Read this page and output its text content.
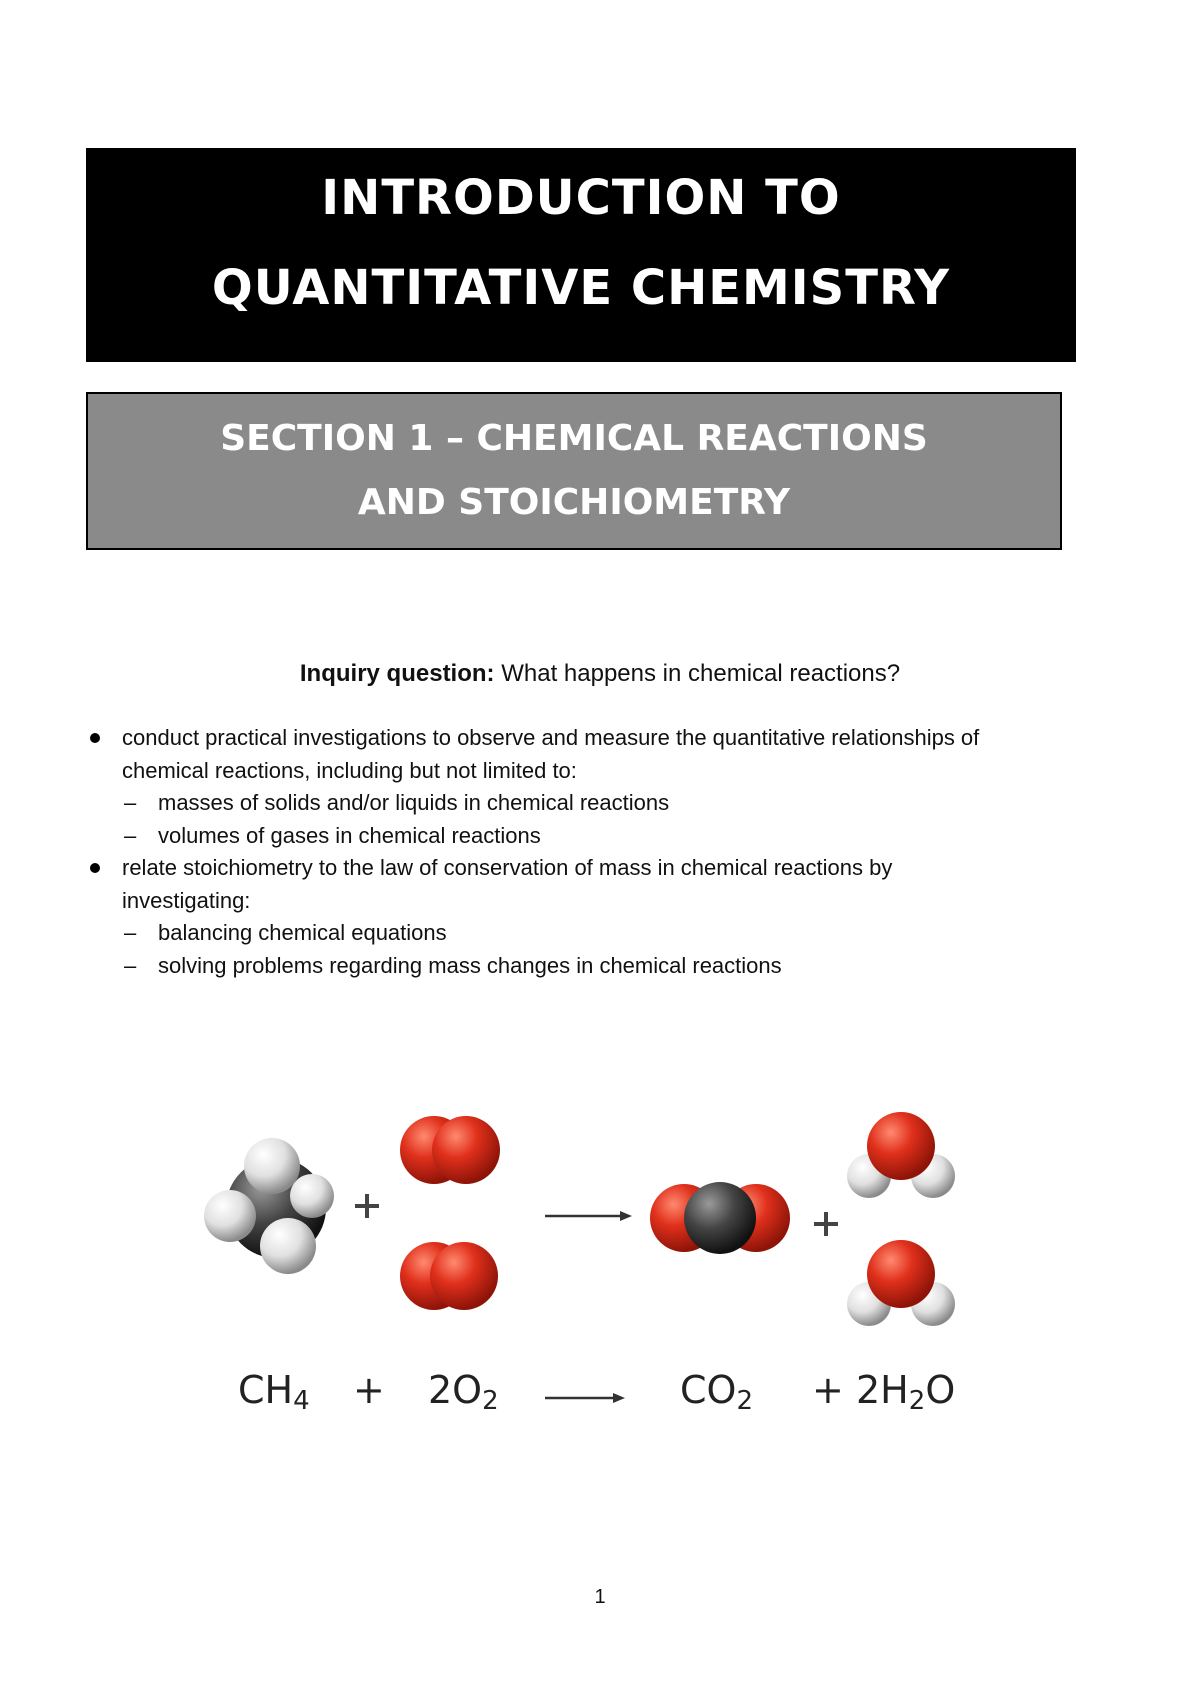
INTRODUCTION TO
QUANTITATIVE CHEMISTRY
SECTION 1 – CHEMICAL REACTIONS
AND STOICHIOMETRY
Inquiry question: What happens in chemical reactions?
conduct practical investigations to observe and measure the quantitative relationships of
chemical reactions, including but not limited to:
– masses of solids and/or liquids in chemical reactions
– volumes of gases in chemical reactions
relate stoichiometry to the law of conservation of mass in chemical reactions by
investigating:
– balancing chemical equations
– solving problems regarding mass changes in chemical reactions
$CH_4 + 2O_2$	$CO_2 + 2H_2O$
1
